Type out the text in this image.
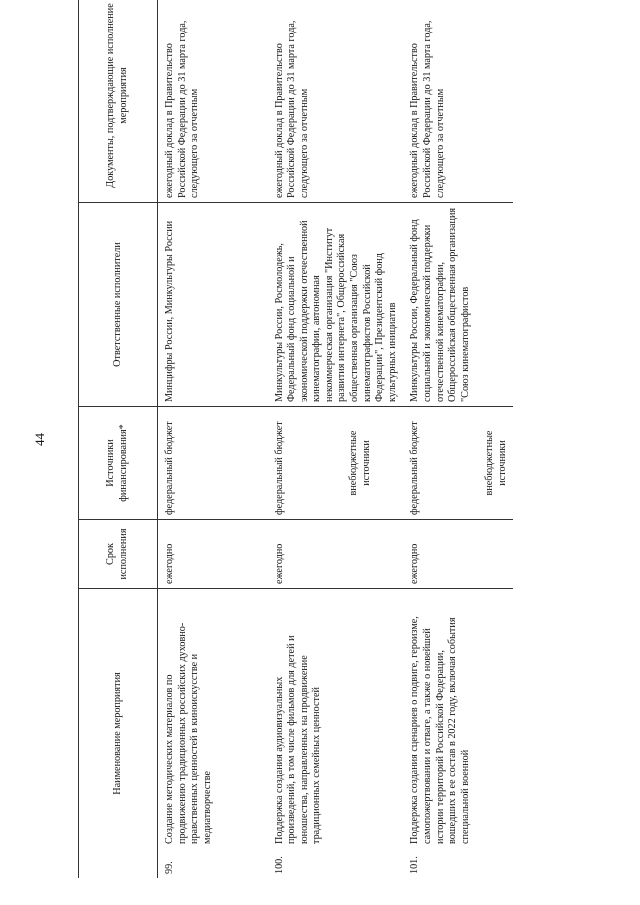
44
Наименование мероприятия	Срок исполнения	Источники финансирования*	Ответственные исполнители	Документы, подтверждающие исполнение мероприятия
99.Создание методических материалов по продвижению традиционных российских духовно-нравственных ценностей в киноискусстве и медиатворчестве	ежегодно	федеральный бюджет	Минцифры России, Минкультуры России	ежегодный доклад в Правительство Российской Федерации до 31 марта года, следующего за отчетным
100.Поддержка создания аудиовизуальных произведений, в том числе фильмов для детей и юношества, направленных на продвижение традиционных семейных ценностей	ежегодно	федеральный бюджет внебюджетные источники	Минкультуры России, Росмолодежь, Федеральный фонд социальной и экономической поддержки отечественной кинематографии, автономная некоммерческая организация "Институт развития интернета", Общероссийская общественная организация "Союз кинематографистов Российской Федерации", Президентский фонд культурных инициатив	ежегодный доклад в Правительство Российской Федерации до 31 марта года, следующего за отчетным
101.Поддержка создания сценариев о подвиге, героизме, самопожертвовании и отваге, а также о новейшей истории территорий Российской Федерации, вошедших в ее состав в 2022 году, включая события специальной военной	ежегодно	федеральный бюджет внебюджетные источники	Минкультуры России, Федеральный фонд социальной и экономической поддержки отечественной кинематографии, Общероссийская общественная организация "Союз кинематографистов	ежегодный доклад в Правительство Российской Федерации до 31 марта года, следующего за отчетным
